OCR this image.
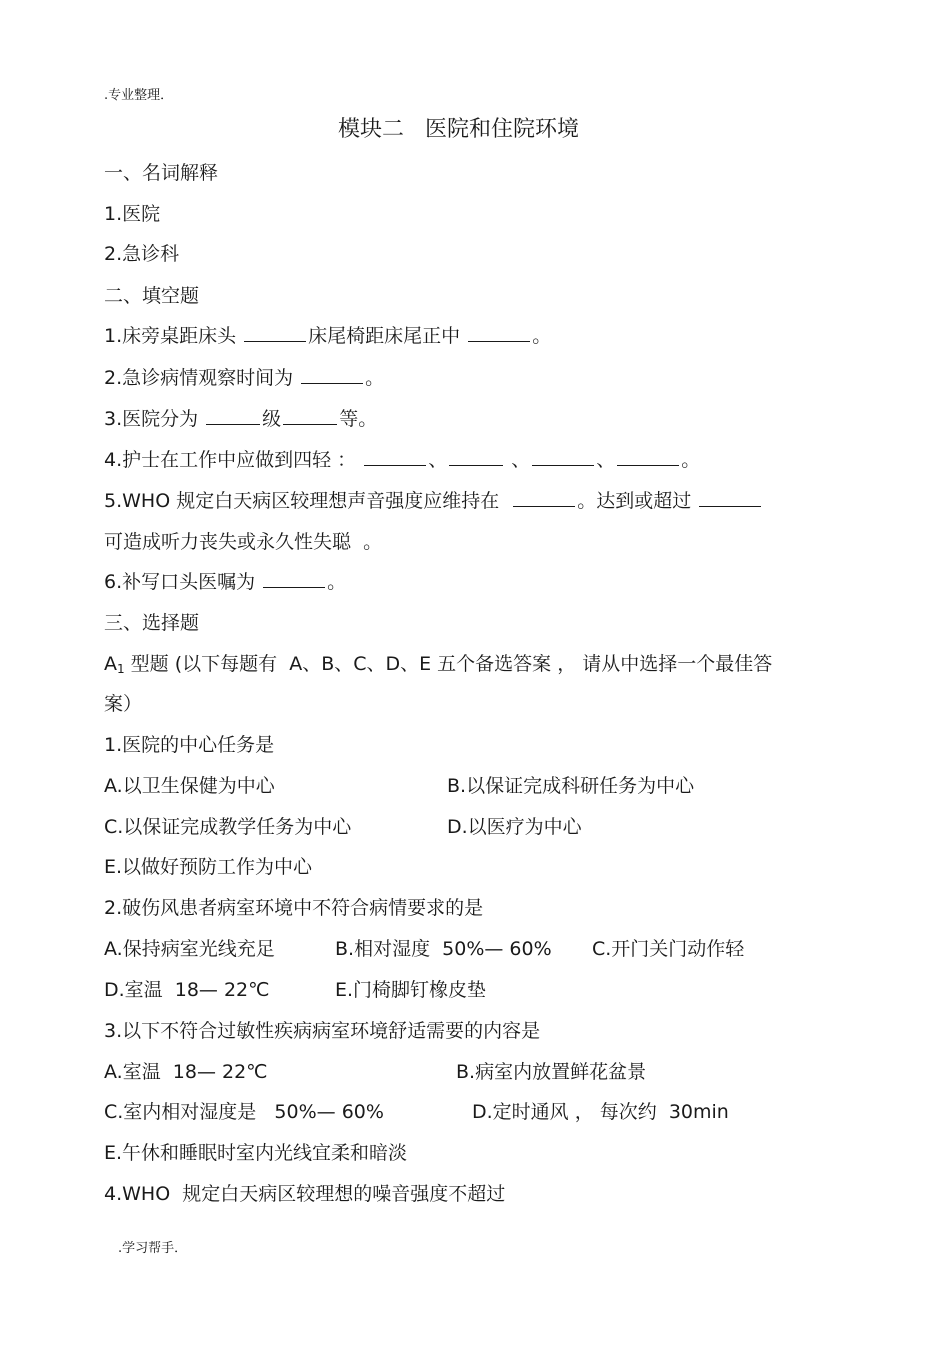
.专业整理．
模块二   医院和住院环境
一、名词解释
1.医院
2.急诊科
二、填空题
1.床旁桌距床头	床尾椅距床尾正中	。
2.急诊病情观察时间为	。
3.医院分为	级	等。
4.护士在工作中应做到四轻 ：	、	、	、	。
5.WHO 规定白天病区较理想声音强度应维持在	。达到或超过
可造成听力丧失或永久性失聪  。
6.补写口头医嘱为	。
三、选择题
$A_1$ 型题 (以下每题有  A、B、C、D、E 五个备选答案 ， 请从中选择一个最佳答
案）
1.医院的中心任务是
A.以卫生保健为中心	B.以保证完成科研任务为中心
C.以保证完成教学任务为中心	D.以医疗为中心
E.以做好预防工作为中心
2.破伤风患者病室环境中不符合病情要求的是
A.保持病室光线充足	B.相对湿度  50%— 60% C.开门关门动作轻
D.室温  18— 22℃	E.门椅脚钉橡皮垫
3.以下不符合过敏性疾病病室环境舒适需要的内容是
A.室温  18— 22℃	B.病室内放置鲜花盆景
C.室内相对湿度是   50%— 60%	D.定时通风 ， 每次约  30min
E.午休和睡眠时室内光线宜柔和暗淡
4.WHO  规定白天病区较理想的噪音强度不超过
.学习帮手．
